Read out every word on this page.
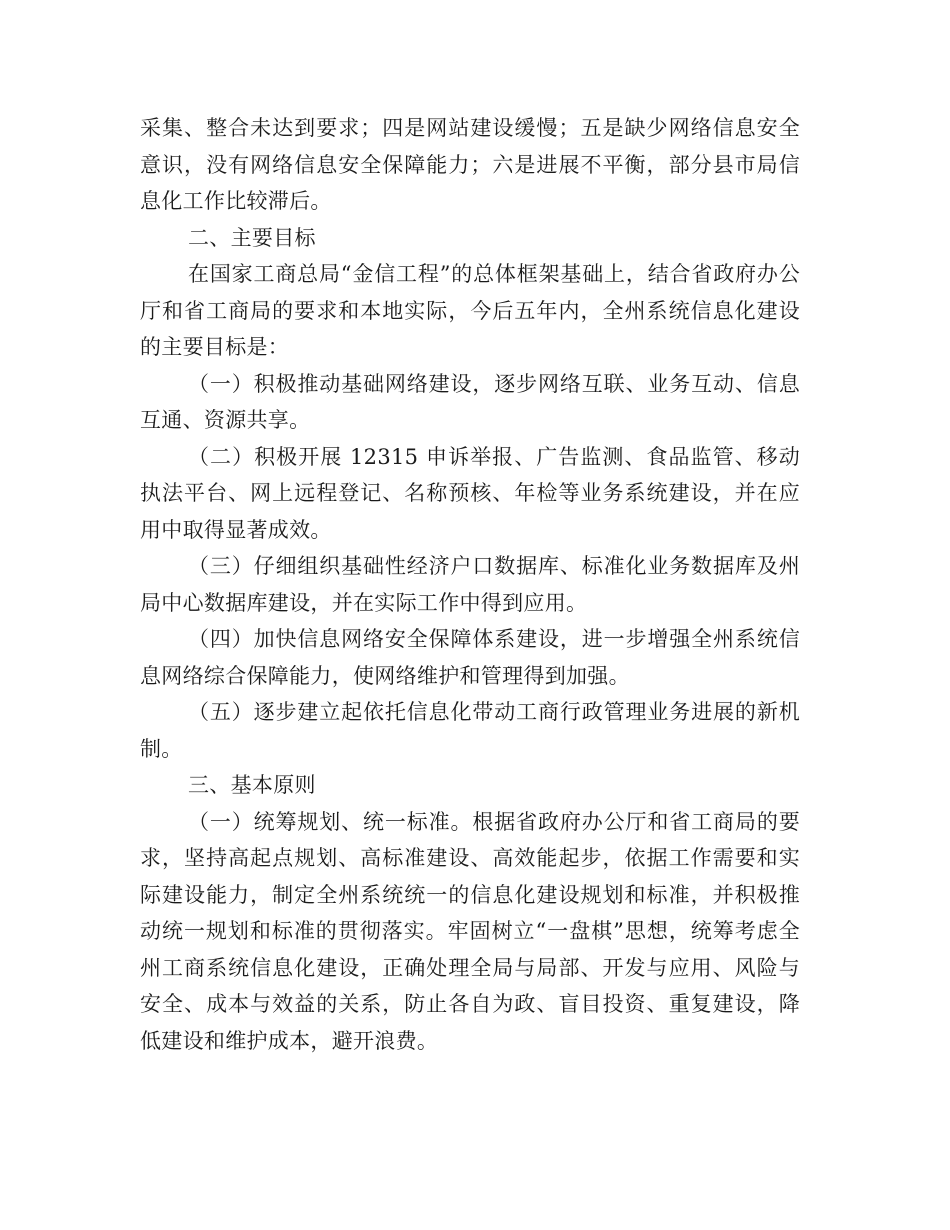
采集、整合未达到要求；四是网站建设缓慢；五是缺少网络信息安全意识，没有网络信息安全保障能力；六是进展不平衡，部分县市局信息化工作比较滞后。

二、主要目标

在国家工商总局“金信工程”的总体框架基础上，结合省政府办公厅和省工商局的要求和本地实际，今后五年内，全州系统信息化建设的主要目标是：

（一）积极推动基础网络建设，逐步网络互联、业务互动、信息互通、资源共享。

（二）积极开展 12315 申诉举报、广告监测、食品监管、移动执法平台、网上远程登记、名称预核、年检等业务系统建设，并在应用中取得显著成效。

（三）仔细组织基础性经济户口数据库、标准化业务数据库及州局中心数据库建设，并在实际工作中得到应用。

（四）加快信息网络安全保障体系建设，进一步增强全州系统信息网络综合保障能力，使网络维护和管理得到加强。

（五）逐步建立起依托信息化带动工商行政管理业务进展的新机制。

三、基本原则

（一）统筹规划、统一标准。根据省政府办公厅和省工商局的要求，坚持高起点规划、高标准建设、高效能起步，依据工作需要和实际建设能力，制定全州系统统一的信息化建设规划和标准，并积极推动统一规划和标准的贯彻落实。牢固树立“一盘棋”思想，统筹考虑全州工商系统信息化建设，正确处理全局与局部、开发与应用、风险与安全、成本与效益的关系，防止各自为政、盲目投资、重复建设，降低建设和维护成本，避开浪费。
